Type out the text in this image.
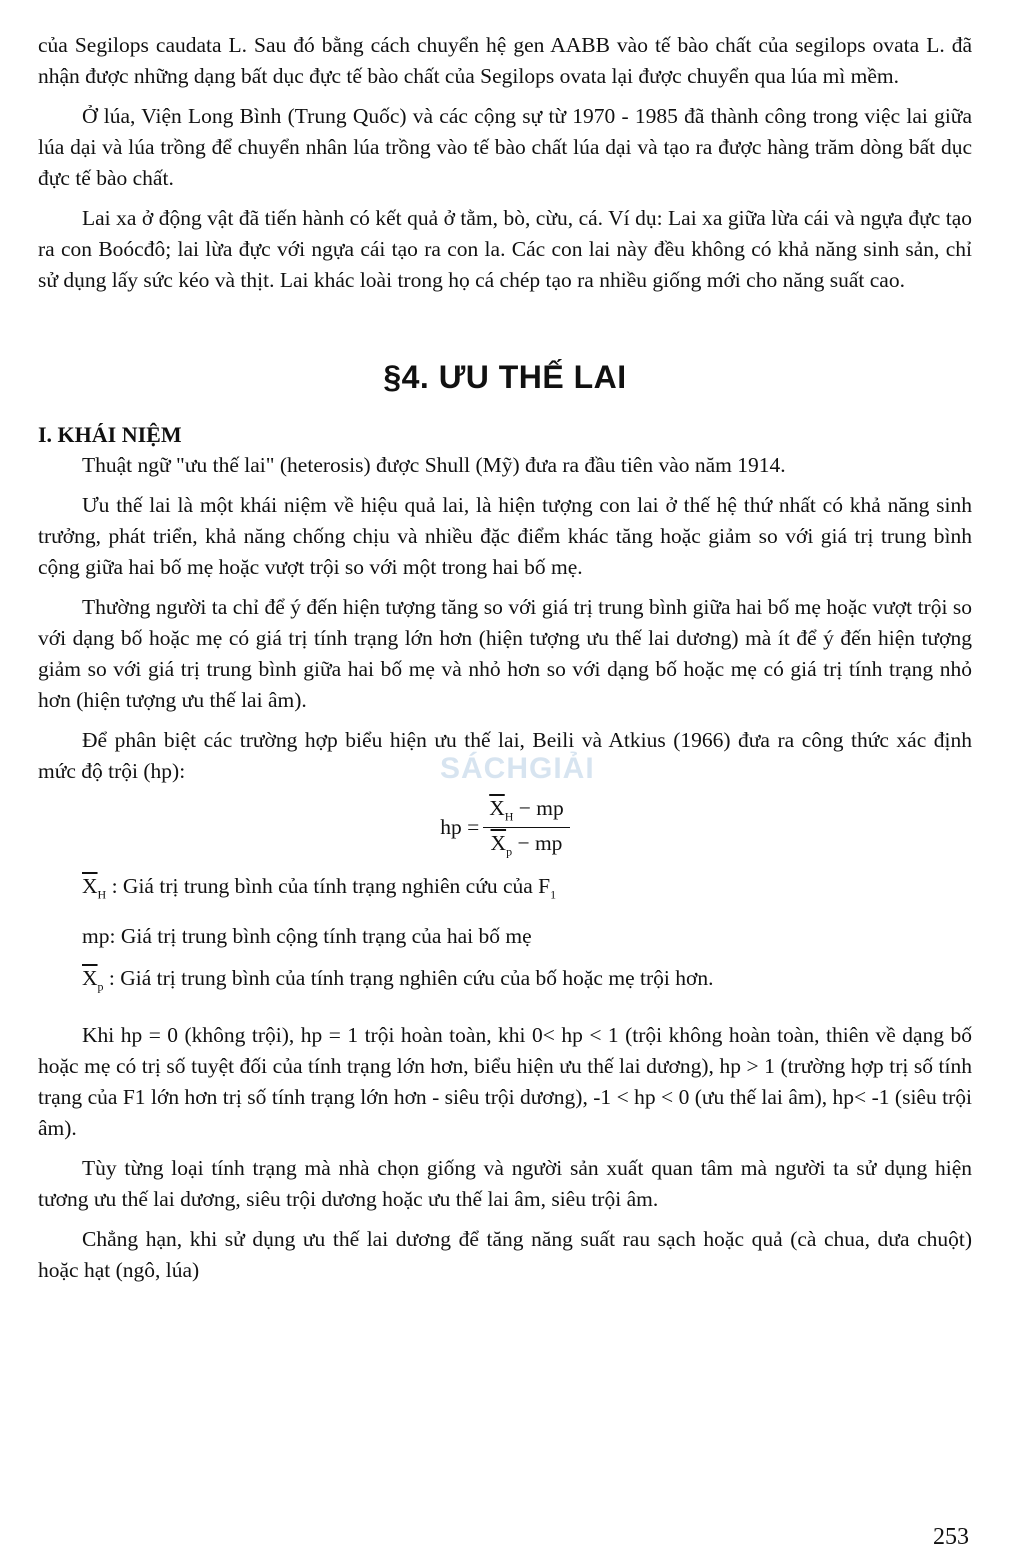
của Segilops caudata L. Sau đó bằng cách chuyển hệ gen AABB vào tế bào chất của segilops ovata L. đã nhận được những dạng bất dục đực tế bào chất của Segilops ovata lại được chuyển qua lúa mì mềm.

Ở lúa, Viện Long Bình (Trung Quốc) và các cộng sự từ 1970 - 1985 đã thành công trong việc lai giữa lúa dại và lúa trồng để chuyển nhân lúa trồng vào tế bào chất lúa dại và tạo ra được hàng trăm dòng bất dục đực tế bào chất.

Lai xa ở động vật đã tiến hành có kết quả ở tằm, bò, cừu, cá. Ví dụ: Lai xa giữa lừa cái và ngựa đực tạo ra con Boócđô; lai lừa đực với ngựa cái tạo ra con la. Các con lai này đều không có khả năng sinh sản, chỉ sử dụng lấy sức kéo và thịt. Lai khác loài trong họ cá chép tạo ra nhiều giống mới cho năng suất cao.

§4. ƯU THẾ LAI
I. KHÁI NIỆM

Thuật ngữ "ưu thế lai" (heterosis) được Shull (Mỹ) đưa ra đầu tiên vào năm 1914.

Ưu thế lai là một khái niệm về hiệu quả lai, là hiện tượng con lai ở thế hệ thứ nhất có khả năng sinh trưởng, phát triển, khả năng chống chịu và nhiều đặc điểm khác tăng hoặc giảm so với giá trị trung bình cộng giữa hai bố mẹ hoặc vượt trội so với một trong hai bố mẹ.

Thường người ta chỉ để ý đến hiện tượng tăng so với giá trị trung bình giữa hai bố mẹ hoặc vượt trội so với dạng bố hoặc mẹ có giá trị tính trạng lớn hơn (hiện tượng ưu thế lai dương) mà ít để ý đến hiện tượng giảm so với giá trị trung bình giữa hai bố mẹ và nhỏ hơn so với dạng bố hoặc mẹ có giá trị tính trạng nhỏ hơn (hiện tượng ưu thế lai âm).

Để phân biệt các trường hợp biểu hiện ưu thế lai, Beili và Atkius (1966) đưa ra công thức xác định mức độ trội (hp):

hp = $\frac{\overline{X}_H - mp}{\overline{X}_p - mp}$
$\overline{X}_H$ : Giá trị trung bình của tính trạng nghiên cứu của $F_1$
mp: Giá trị trung bình cộng tính trạng của hai bố mẹ
$\overline{X}_p$ : Giá trị trung bình của tính trạng nghiên cứu của bố hoặc mẹ trội hơn.

Khi hp = 0 (không trội), hp = 1 trội hoàn toàn, khi 0< hp < 1 (trội không hoàn toàn, thiên về dạng bố hoặc mẹ có trị số tuyệt đối của tính trạng lớn hơn, biểu hiện ưu thế lai dương), hp > 1 (trường hợp trị số tính trạng của F1 lớn hơn trị số tính trạng lớn hơn - siêu trội dương), -1 < hp < 0 (ưu thế lai âm), hp< -1 (siêu trội âm).

Tùy từng loại tính trạng mà nhà chọn giống và người sản xuất quan tâm mà người ta sử dụng hiện tương ưu thế lai dương, siêu trội dương hoặc ưu thế lai âm, siêu trội âm.

Chẳng hạn, khi sử dụng ưu thế lai dương để tăng năng suất rau sạch hoặc quả (cà chua, dưa chuột) hoặc hạt (ngô, lúa)

SÁCHGIẢI
253
